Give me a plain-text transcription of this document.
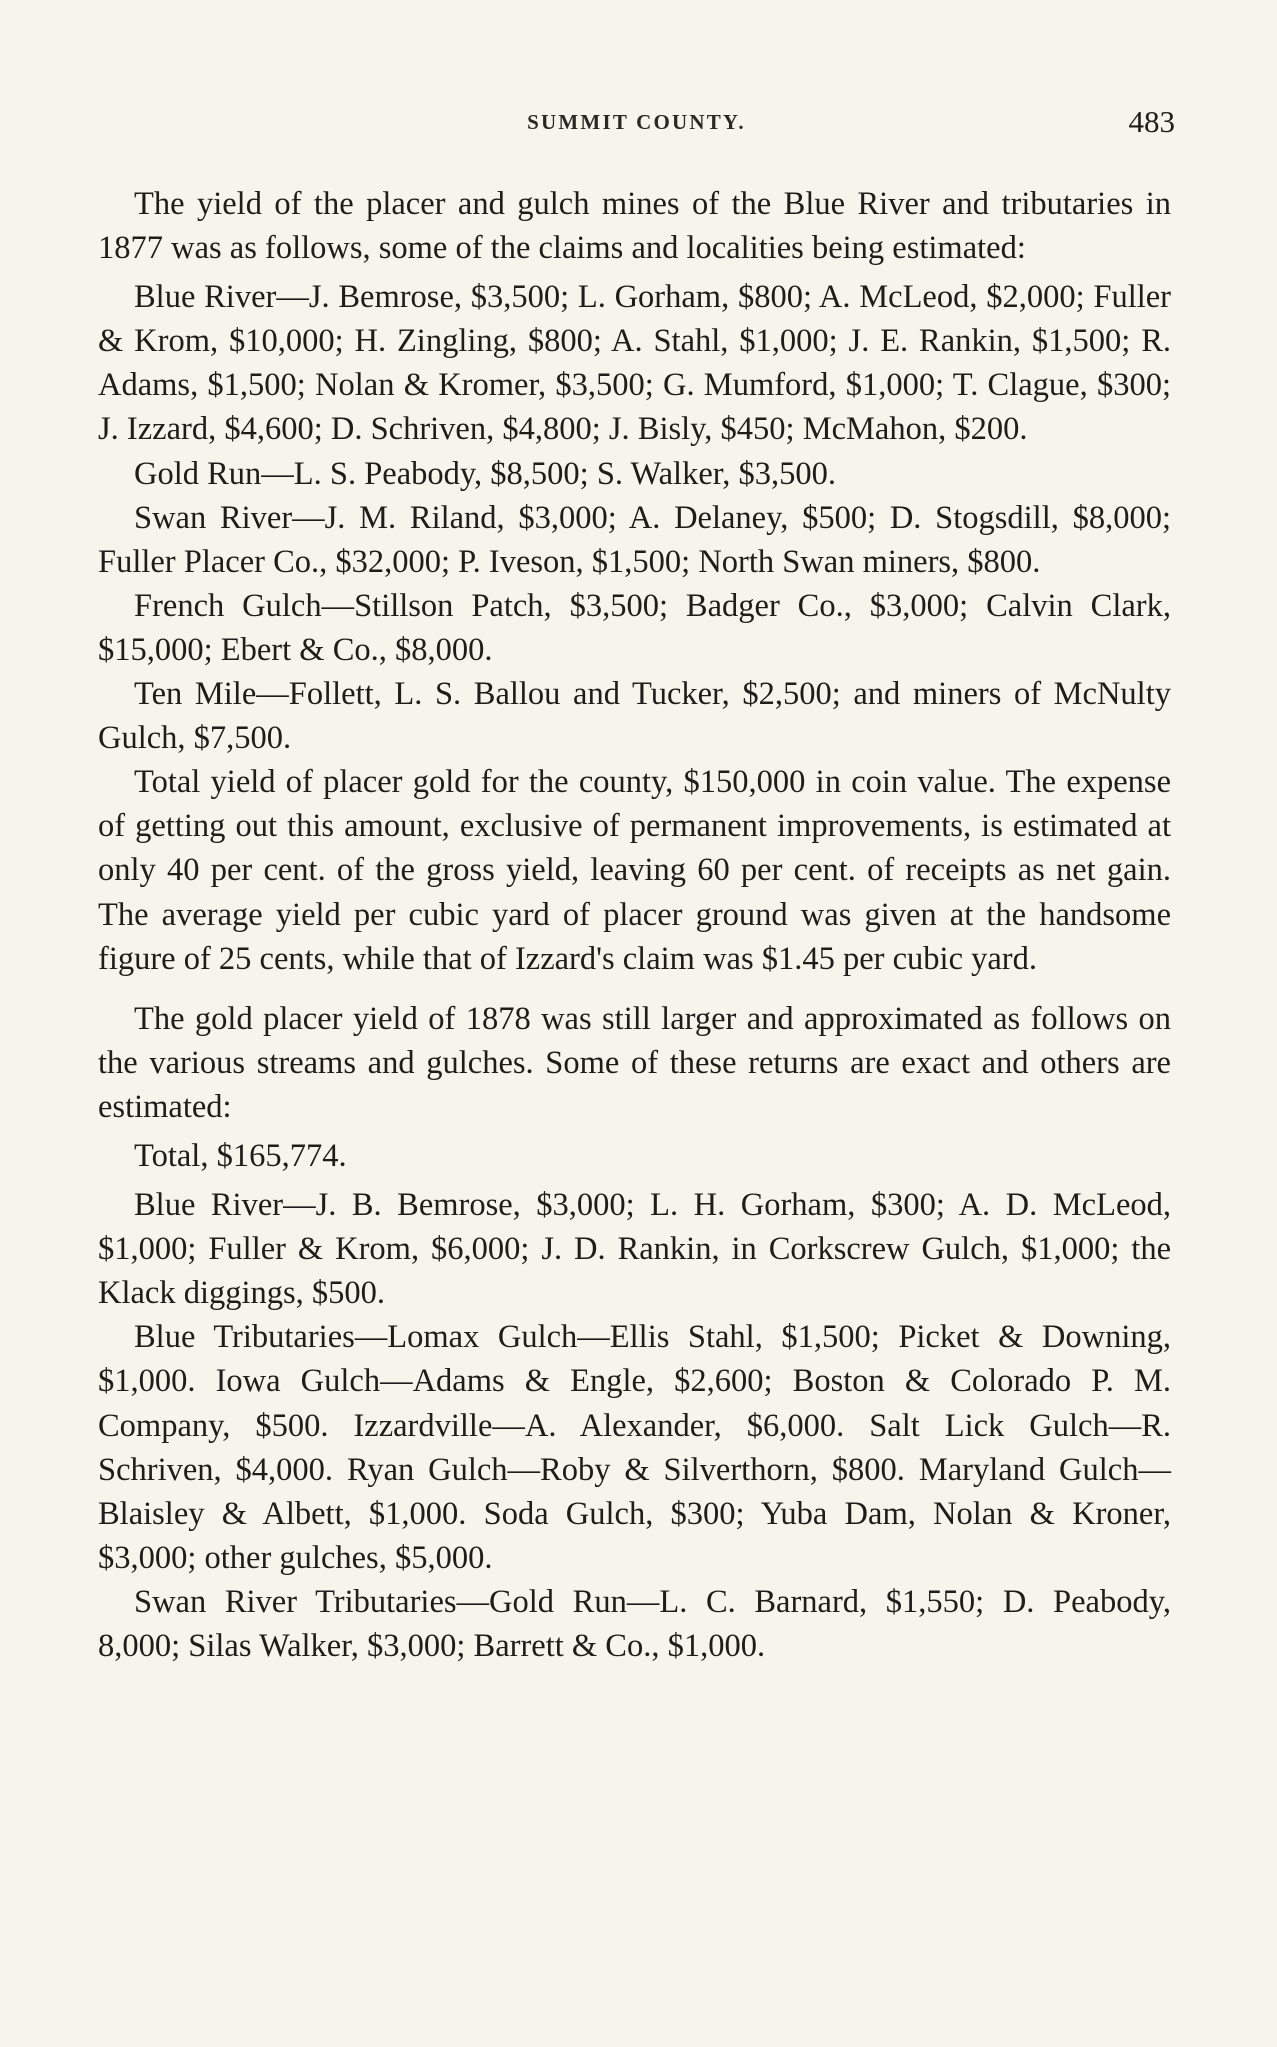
SUMMIT COUNTY.	483

The yield of the placer and gulch mines of the Blue River and tributaries in 1877 was as follows, some of the claims and localities being estimated:

Blue River—J. Bemrose, $3,500; L. Gorham, $800; A. McLeod, $2,000; Fuller & Krom, $10,000; H. Zingling, $800; A. Stahl, $1,000; J. E. Rankin, $1,500; R. Adams, $1,500; Nolan & Kromer, $3,500; G. Mumford, $1,000; T. Clague, $300; J. Izzard, $4,600; D. Schriven, $4,800; J. Bisly, $450; McMahon, $200.

Gold Run—L. S. Peabody, $8,500; S. Walker, $3,500.

Swan River—J. M. Riland, $3,000; A. Delaney, $500; D. Stogsdill, $8,000; Fuller Placer Co., $32,000; P. Iveson, $1,500; North Swan miners, $800.

French Gulch—Stillson Patch, $3,500; Badger Co., $3,000; Calvin Clark, $15,000; Ebert & Co., $8,000.

Ten Mile—Follett, L. S. Ballou and Tucker, $2,500; and miners of McNulty Gulch, $7,500.

Total yield of placer gold for the county, $150,000 in coin value. The expense of getting out this amount, exclusive of permanent improvements, is estimated at only 40 per cent. of the gross yield, leaving 60 per cent. of receipts as net gain. The average yield per cubic yard of placer ground was given at the handsome figure of 25 cents, while that of Izzard's claim was $1.45 per cubic yard.

The gold placer yield of 1878 was still larger and approximated as follows on the various streams and gulches. Some of these returns are exact and others are estimated:

Total, $165,774.

Blue River—J. B. Bemrose, $3,000; L. H. Gorham, $300; A. D. McLeod, $1,000; Fuller & Krom, $6,000; J. D. Rankin, in Corkscrew Gulch, $1,000; the Klack diggings, $500.

Blue Tributaries—Lomax Gulch—Ellis Stahl, $1,500; Picket & Downing, $1,000. Iowa Gulch—Adams & Engle, $2,600; Boston & Colorado P. M. Company, $500. Izzardville—A. Alexander, $6,000. Salt Lick Gulch—R. Schriven, $4,000. Ryan Gulch—Roby & Silverthorn, $800. Maryland Gulch—Blaisley & Albett, $1,000. Soda Gulch, $300; Yuba Dam, Nolan & Kroner, $3,000; other gulches, $5,000.

Swan River Tributaries—Gold Run—L. C. Barnard, $1,550; D. Peabody, 8,000; Silas Walker, $3,000; Barrett & Co., $1,000.
